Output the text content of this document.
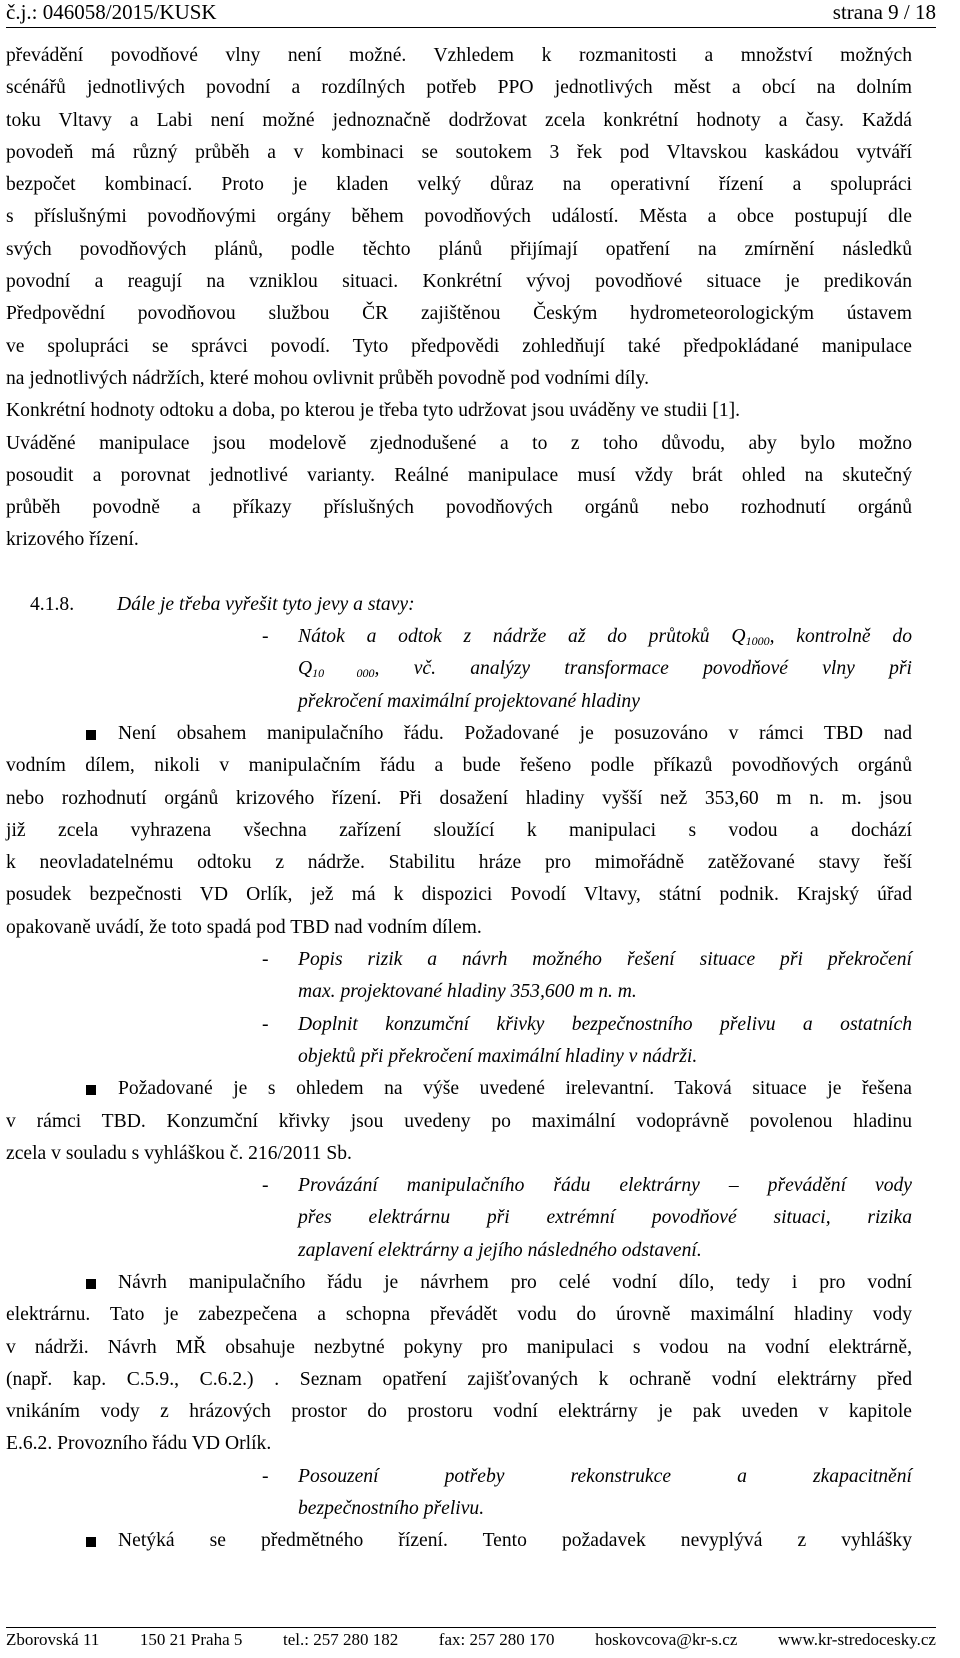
č.j.: 046058/2015/KUSK	strana 9 / 18
převádění povodňové vlny není možné. Vzhledem k rozmanitosti a množství možných
scénářů jednotlivých povodní a rozdílných potřeb PPO jednotlivých měst a obcí na dolním
toku Vltavy a Labi není možné jednoznačně dodržovat zcela konkrétní hodnoty a časy. Každá
povodeň má různý průběh a v kombinaci se soutokem 3 řek pod Vltavskou kaskádou vytváří
bezpočet kombinací. Proto je kladen velký důraz na operativní řízení a spolupráci
s příslušnými povodňovými orgány během povodňových událostí. Města a obce postupují dle
svých povodňových plánů, podle těchto plánů přijímají opatření na zmírnění následků
povodní a reagují na vzniklou situaci. Konkrétní vývoj povodňové situace je predikován
Předpovědní povodňovou službou ČR zajištěnou Českým hydrometeorologickým ústavem
ve spolupráci se správci povodí. Tyto předpovědi zohledňují také předpokládané manipulace
na jednotlivých nádržích, které mohou ovlivnit průběh povodně pod vodními díly.
Konkrétní hodnoty odtoku a doba, po kterou je třeba tyto udržovat jsou uváděny ve studii [1].
Uváděné manipulace jsou modelově zjednodušené a to z toho důvodu, aby bylo možno
posoudit a porovnat jednotlivé varianty. Reálné manipulace musí vždy brát ohled na skutečný
průběh povodně a příkazy příslušných povodňových orgánů nebo rozhodnutí orgánů
krizového řízení.
4.1.8. Dále je třeba vyřešit tyto jevy a stavy:
- Nátok a odtok z nádrže až do průtoků $Q_{1000}$, kontrolně do
$Q_{10 000}$, vč. analýzy transformace povodňové vlny při
překročení maximální projektované hladiny
Není obsahem manipulačního řádu. Požadované je posuzováno v rámci TBD nad
vodním dílem, nikoli v manipulačním řádu a bude řešeno podle příkazů povodňových orgánů
nebo rozhodnutí orgánů krizového řízení. Při dosažení hladiny vyšší než 353,60 m n. m. jsou
již zcela vyhrazena všechna zařízení sloužící k manipulaci s vodou a dochází
k neovladatelnému odtoku z nádrže. Stabilitu hráze pro mimořádně zatěžované stavy řeší
posudek bezpečnosti VD Orlík, jež má k dispozici Povodí Vltavy, státní podnik. Krajský úřad
opakovaně uvádí, že toto spadá pod TBD nad vodním dílem.
- Popis rizik a návrh možného řešení situace při překročení
max. projektované hladiny 353,600 m n. m.
- Doplnit konzumční křivky bezpečnostního přelivu a ostatních
objektů při překročení maximální hladiny v nádrži.
Požadované je s ohledem na výše uvedené irelevantní. Taková situace je řešena
v rámci TBD. Konzumční křivky jsou uvedeny po maximální vodoprávně povolenou hladinu
zcela v souladu s vyhláškou č. 216/2011 Sb.
- Provázání manipulačního řádu elektrárny – převádění vody
přes elektrárnu při extrémní povodňové situaci, rizika
zaplavení elektrárny a jejího následného odstavení.
Návrh manipulačního řádu je návrhem pro celé vodní dílo, tedy i pro vodní
elektrárnu. Tato je zabezpečena a schopna převádět vodu do úrovně maximální hladiny vody
v nádrži. Návrh MŘ obsahuje nezbytné pokyny pro manipulaci s vodou na vodní elektrárně,
(např. kap. C.5.9., C.6.2.) . Seznam opatření zajišťovaných k ochraně vodní elektrárny před
vnikáním vody z hrázových prostor do prostoru vodní elektrárny je pak uveden v kapitole
E.6.2. Provozního řádu VD Orlík.
- Posouzení potřeby rekonstrukce a zkapacitnění
bezpečnostního přelivu.
Netýká se předmětného řízení. Tento požadavek nevyplývá z vyhlášky
Zborovská 11 150 21 Praha 5 tel.: 257 280 182 fax: 257 280 170 hoskovcova@kr-s.cz www.kr-stredocesky.cz
